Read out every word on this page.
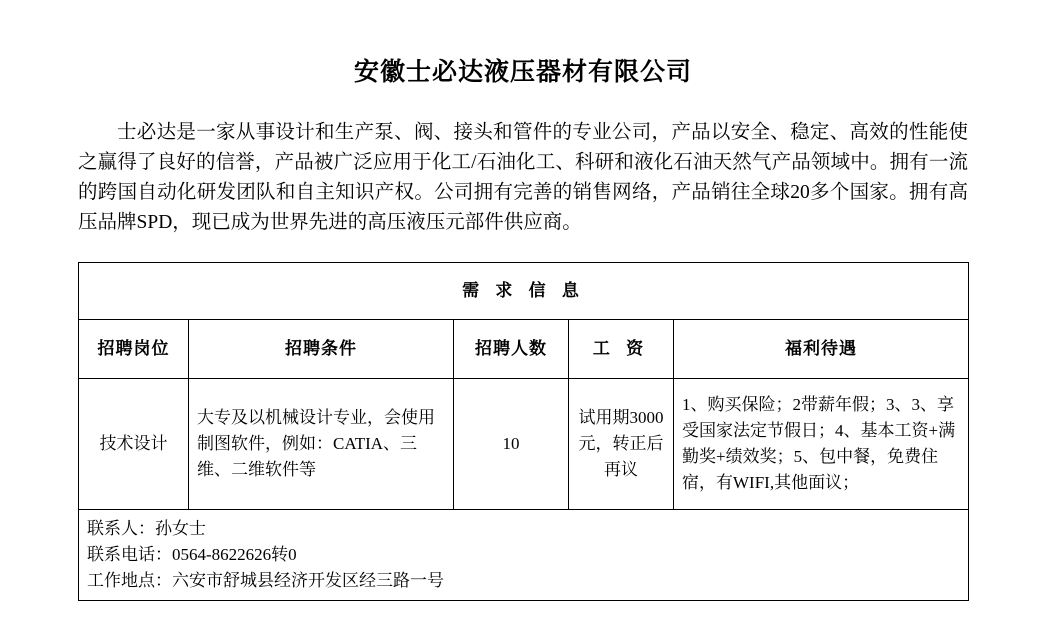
安徽士必达液压器材有限公司

士必达是一家从事设计和生产泵、阀、接头和管件的专业公司，产品以安全、稳定、高效的性能使之赢得了良好的信誉，产品被广泛应用于化工/石油化工、科研和液化石油天然气产品领域中。拥有一流的跨国自动化研发团队和自主知识产权。公司拥有完善的销售网络，产品销往全球20多个国家。拥有高压品牌SPD，现已成为世界先进的高压液压元部件供应商。

需 求 信 息				
招聘岗位	招聘条件	招聘人数	工 资	福利待遇
技术设计	大专及以机械设计专业，会使用制图软件，例如：CATIA、三维、二维软件等	10	试用期3000元，转正后再议	1、购买保险；2带薪年假；3、3、享受国家法定节假日；4、基本工资+满勤奖+绩效奖；5、包中餐，免费住宿，有WIFI,其他面议；

联系人：孙女士
联系电话：0564-8622626转0
工作地点：六安市舒城县经济开发区经三路一号				
